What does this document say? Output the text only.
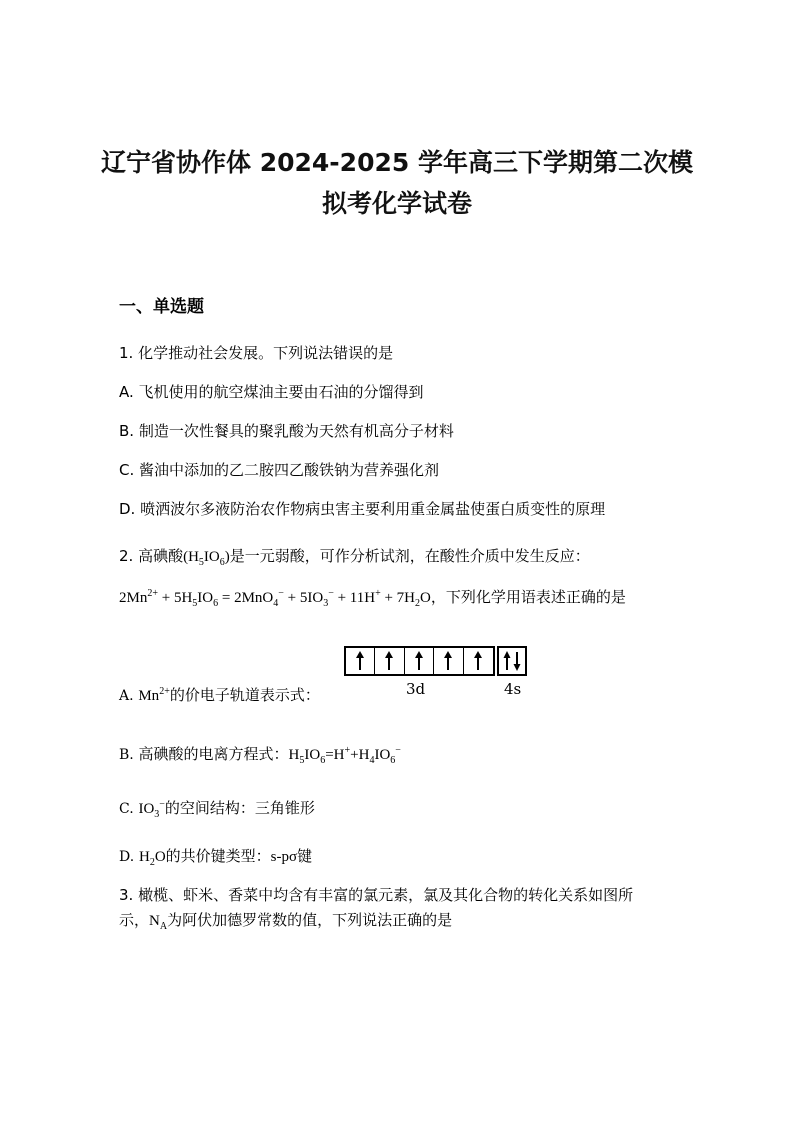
辽宁省协作体 2024-2025 学年高三下学期第二次模
拟考化学试卷
一、单选题
1. 化学推动社会发展。下列说法错误的是
A. 飞机使用的航空煤油主要由石油的分馏得到
B. 制造一次性餐具的聚乳酸为天然有机高分子材料
C. 酱油中添加的乙二胺四乙酸铁钠为营养强化剂
D. 喷洒波尔多液防治农作物病虫害主要利用重金属盐使蛋白质变性的原理
2. 高碘酸$(H_5IO_6)$是一元弱酸，可作分析试剂，在酸性介质中发生反应：
$2Mn^{2+} + 5H_5IO_6 = 2MnO_4^- + 5IO_3^- + 11H^+ + 7H_2O$，下列化学用语表述正确的是
3d	4s
A. $Mn^{2+}$的价电子轨道表示式：
B. 高碘酸的电离方程式：$H_5IO_6=H^++H_4IO_6^-$
C. $IO_3^-$的空间结构：三角锥形
D. $H_2O$的共价键类型：s-pσ键
3. 橄榄、虾米、香菜中均含有丰富的氯元素，氯及其化合物的转化关系如图所
示，$N_A$为阿伏加德罗常数的值，下列说法正确的是
